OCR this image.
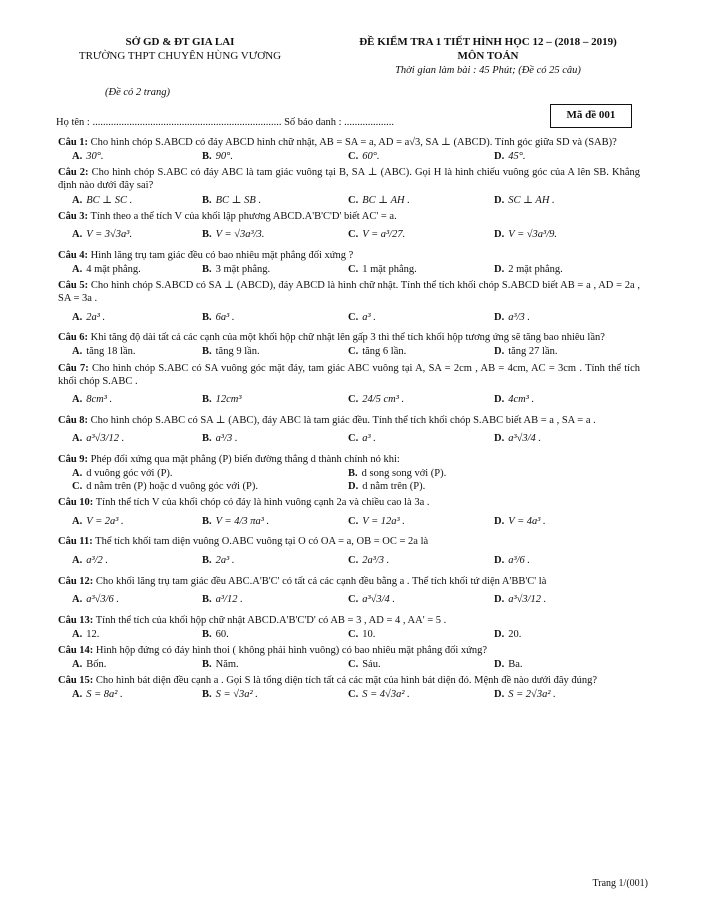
SỞ GD & ĐT GIA LAI
TRƯỜNG THPT CHUYÊN HÙNG VƯƠNG
ĐỀ KIỂM TRA 1 TIẾT HÌNH HỌC 12 – (2018 – 2019)
MÔN TOÁN
Thời gian làm bài : 45 Phút; (Đề có 25 câu)
(Đề có 2 trang)
Mã đề 001
Họ tên : ........................................................................ Số báo danh : ...................
Câu 1: Cho hình chóp S.ABCD có đáy ABCD hình chữ nhật, AB = SA = a, AD = a√3, SA ⊥ (ABCD). Tính góc giữa SD và (SAB)?
A. 30°.	B. 90°.	C. 60°.	D. 45°.
Câu 2: Cho hình chóp S.ABC có đáy ABC là tam giác vuông tại B, SA ⊥ (ABC). Gọi H là hình chiếu vuông góc của A lên SB. Khẳng định nào dưới đây sai?
A. BC ⊥ SC .	B. BC ⊥ SB .	C. BC ⊥ AH .	D. SC ⊥ AH .
Câu 3: Tính theo a thể tích V của khối lập phương ABCD.A'B'C'D' biết AC' = a.
A. V = 3√3a³.	B. V = √3a³/3.	C. V = a³/27.	D. V = √3a³/9.
Câu 4: Hình lăng trụ tam giác đều có bao nhiêu mặt phẳng đối xứng ?
A. 4 mặt phẳng.	B. 3 mặt phẳng.	C. 1 mặt phẳng.	D. 2 mặt phẳng.
Câu 5: Cho hình chóp S.ABCD có SA ⊥ (ABCD), đáy ABCD là hình chữ nhật. Tính thể tích khối chóp S.ABCD biết AB = a , AD = 2a , SA = 3a .
A. 2a³ .	B. 6a³ .	C. a³ .	D. a³/3 .
Câu 6: Khi tăng độ dài tất cả các cạnh của một khối hộp chữ nhật lên gấp 3 thì thể tích khối hộp tương ứng sẽ tăng bao nhiêu lần?
A. tăng 18 lần.	B. tăng 9 lần.	C. tăng 6 lần.	D. tăng 27 lần.
Câu 7: Cho hình chóp S.ABC có SA vuông góc mặt đáy, tam giác ABC vuông tại A, SA = 2cm , AB = 4cm, AC = 3cm . Tính thể tích khối chóp S.ABC .
A. 8cm³ .	B. 12cm³	C. 24/5 cm³ .	D. 4cm³ .
Câu 8: Cho hình chóp S.ABC có SA ⊥ (ABC), đáy ABC là tam giác đều. Tính thể tích khối chóp S.ABC biết AB = a , SA = a .
A. a³√3/12 .	B. a³/3 .	C. a³ .	D. a³√3/4 .
Câu 9: Phép đối xứng qua mặt phẳng (P) biến đường thẳng d thành chính nó khi:
A. d vuông góc với (P).	B. d song song với (P).
C. d nằm trên (P) hoặc d vuông góc với (P).	D. d nằm trên (P).
Câu 10: Tính thể tích V của khối chóp có đáy là hình vuông cạnh 2a và chiều cao là 3a .
A. V = 2a³ .	B. V = 4/3 πa³ .	C. V = 12a³ .	D. V = 4a³ .
Câu 11: Thể tích khối tam diện vuông O.ABC vuông tại O có OA = a, OB = OC = 2a là
A. a³/2 .	B. 2a³ .	C. 2a³/3 .	D. a³/6 .
Câu 12: Cho khối lăng trụ tam giác đều ABC.A'B'C' có tất cả các cạnh đều bằng a . Thể tích khối tứ diện A'BB'C' là
A. a³√3/6 .	B. a³/12 .	C. a³√3/4 .	D. a³√3/12 .
Câu 13: Tính thể tích của khối hộp chữ nhật ABCD.A'B'C'D' có AB = 3 , AD = 4 , AA' = 5 .
A. 12.	B. 60.	C. 10.	D. 20.
Câu 14: Hình hộp đứng có đáy hình thoi ( không phải hình vuông) có bao nhiêu mặt phẳng đối xứng?
A. Bốn.	B. Năm.	C. Sáu.	D. Ba.
Câu 15: Cho hình bát diện đều cạnh a . Gọi S là tổng diện tích tất cả các mặt của hình bát diện đó. Mệnh đề nào dưới đây đúng?
A. S = 8a² .	B. S = √3a² .	C. S = 4√3a² .	D. S = 2√3a² .
Trang 1/(001)
